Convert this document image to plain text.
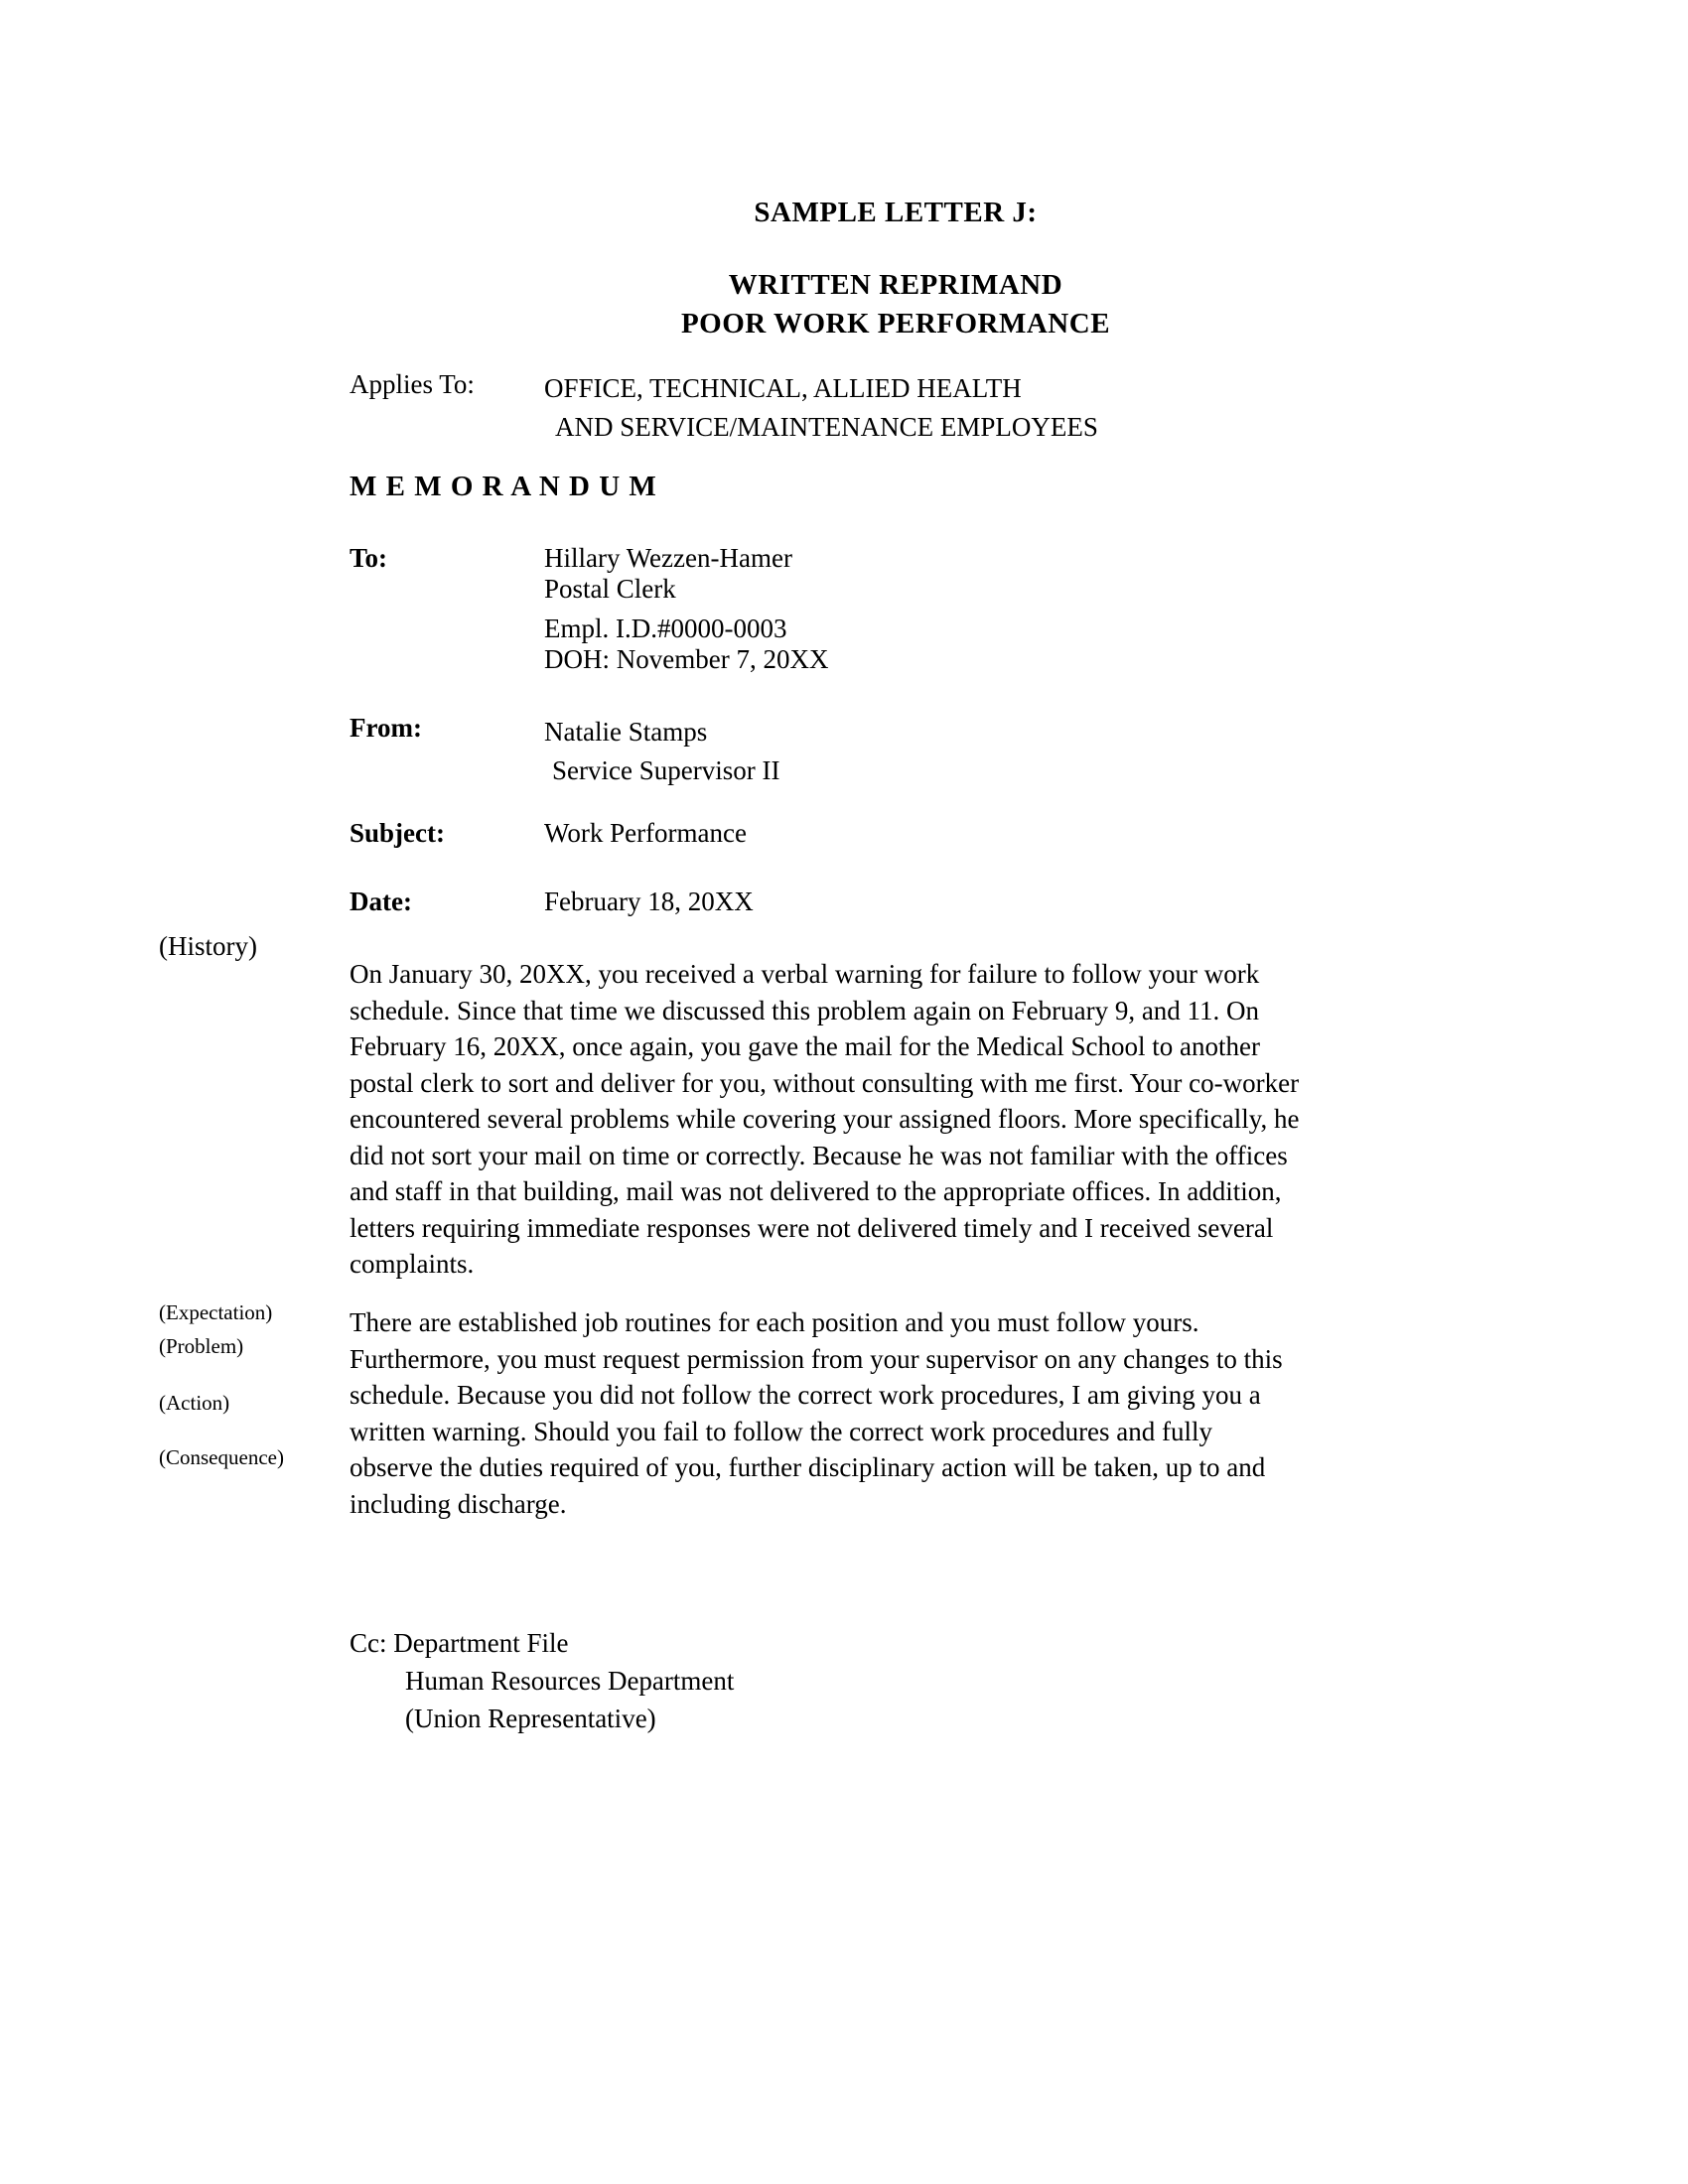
SAMPLE LETTER J:
WRITTEN REPRIMAND
POOR WORK PERFORMANCE
Applies To:	OFFICE, TECHNICAL, ALLIED HEALTH
AND SERVICE/MAINTENANCE EMPLOYEES
M E M O R A N D U M
To:	Hillary Wezzen-Hamer
Postal Clerk
Empl. I.D.#0000-0003
DOH: November 7, 20XX
From:	Natalie Stamps
Service Supervisor II
Subject:	Work Performance
Date:	February 18, 20XX
(History)
(Expectation)
(Problem)
(Action)
(Consequence)
On January 30, 20XX, you received a verbal warning for failure to follow your work
schedule. Since that time we discussed this problem again on February 9, and 11. On
February 16, 20XX, once again, you gave the mail for the Medical School to another
postal clerk to sort and deliver for you, without consulting with me first. Your co-worker
encountered several problems while covering your assigned floors. More specifically, he
did not sort your mail on time or correctly. Because he was not familiar with the offices
and staff in that building, mail was not delivered to the appropriate offices. In addition,
letters requiring immediate responses were not delivered timely and I received several
complaints.
There are established job routines for each position and you must follow yours.
Furthermore, you must request permission from your supervisor on any changes to this
schedule. Because you did not follow the correct work procedures, I am giving you a
written warning. Should you fail to follow the correct work procedures and fully
observe the duties required of you, further disciplinary action will be taken, up to and
including discharge.
Cc: Department File
Human Resources Department
(Union Representative)
